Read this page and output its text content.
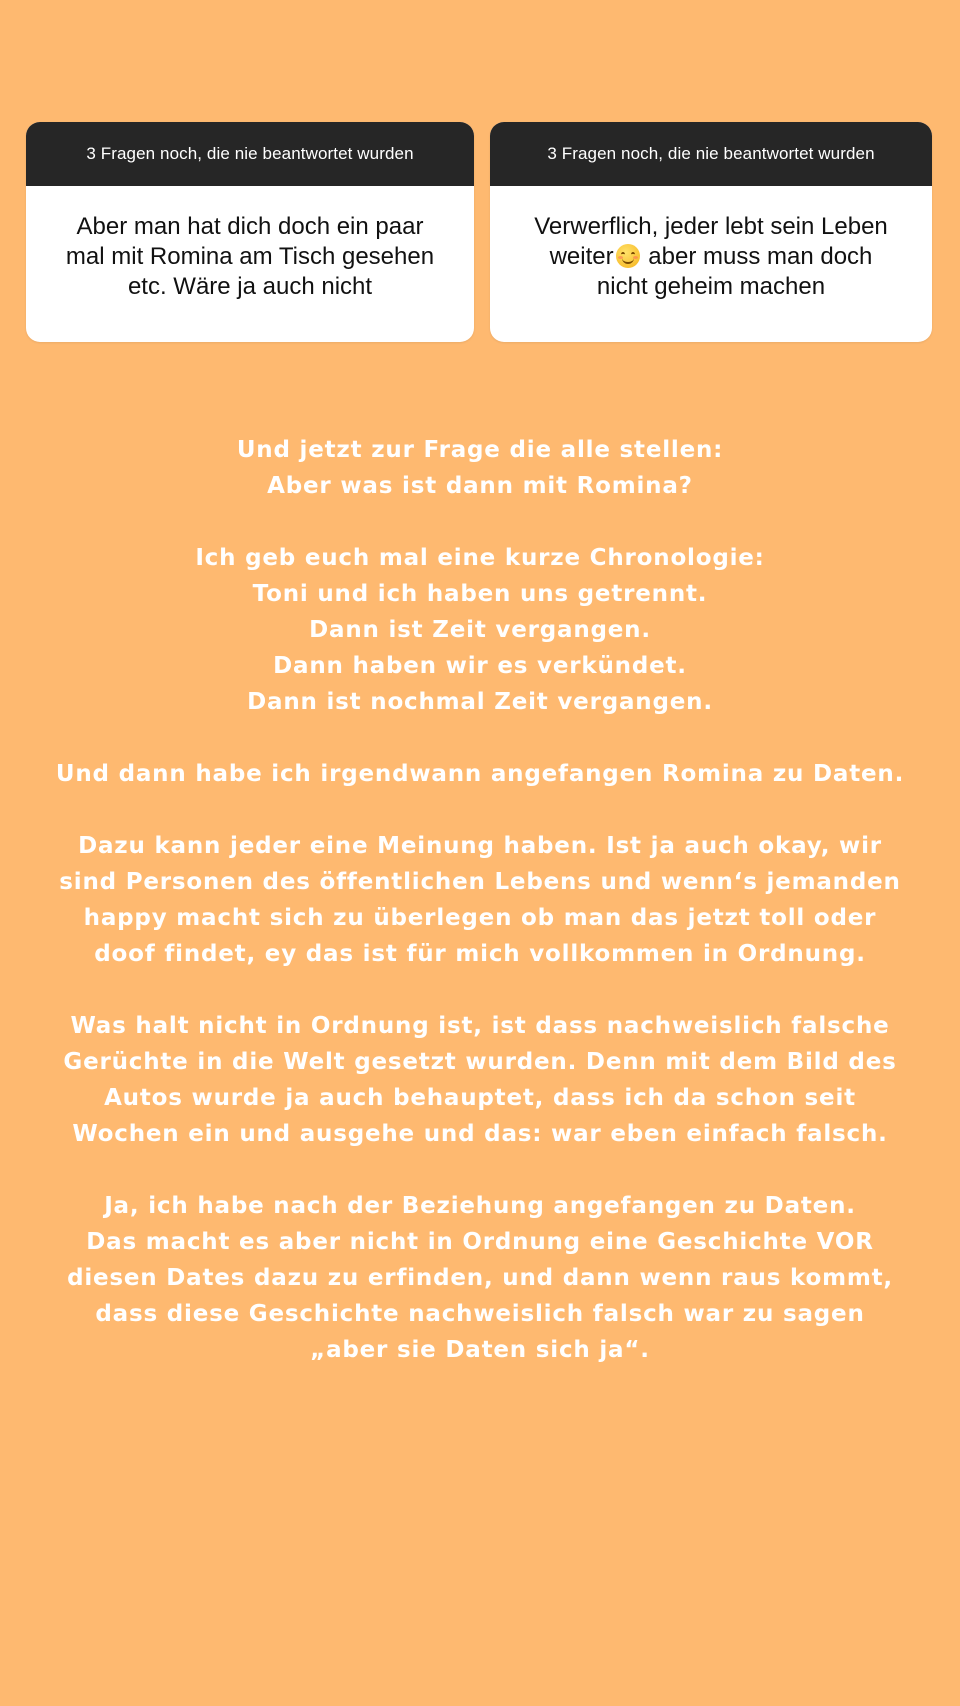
3 Fragen noch, die nie beantwortet wurden
Aber man hat dich doch ein paar
mal mit Romina am Tisch gesehen
etc. Wäre ja auch nicht
3 Fragen noch, die nie beantwortet wurden
Verwerflich, jeder lebt sein Leben
weiter
aber muss man doch
nicht geheim machen

Und jetzt zur Frage die alle stellen:
Aber was ist dann mit Romina?

Ich geb euch mal eine kurze Chronologie:
Toni und ich haben uns getrennt.
Dann ist Zeit vergangen.
Dann haben wir es verkündet.
Dann ist nochmal Zeit vergangen.

Und dann habe ich irgendwann angefangen Romina zu Daten.

Dazu kann jeder eine Meinung haben. Ist ja auch okay, wir
sind Personen des öffentlichen Lebens und wenn‘s jemanden
happy macht sich zu überlegen ob man das jetzt toll oder
doof findet, ey das ist für mich vollkommen in Ordnung.

Was halt nicht in Ordnung ist, ist dass nachweislich falsche
Gerüchte in die Welt gesetzt wurden. Denn mit dem Bild des
Autos wurde ja auch behauptet, dass ich da schon seit
Wochen ein und ausgehe und das: war eben einfach falsch.

Ja, ich habe nach der Beziehung angefangen zu Daten.
Das macht es aber nicht in Ordnung eine Geschichte VOR
diesen Dates dazu zu erfinden, und dann wenn raus kommt,
dass diese Geschichte nachweislich falsch war zu sagen
„aber sie Daten sich ja“.
